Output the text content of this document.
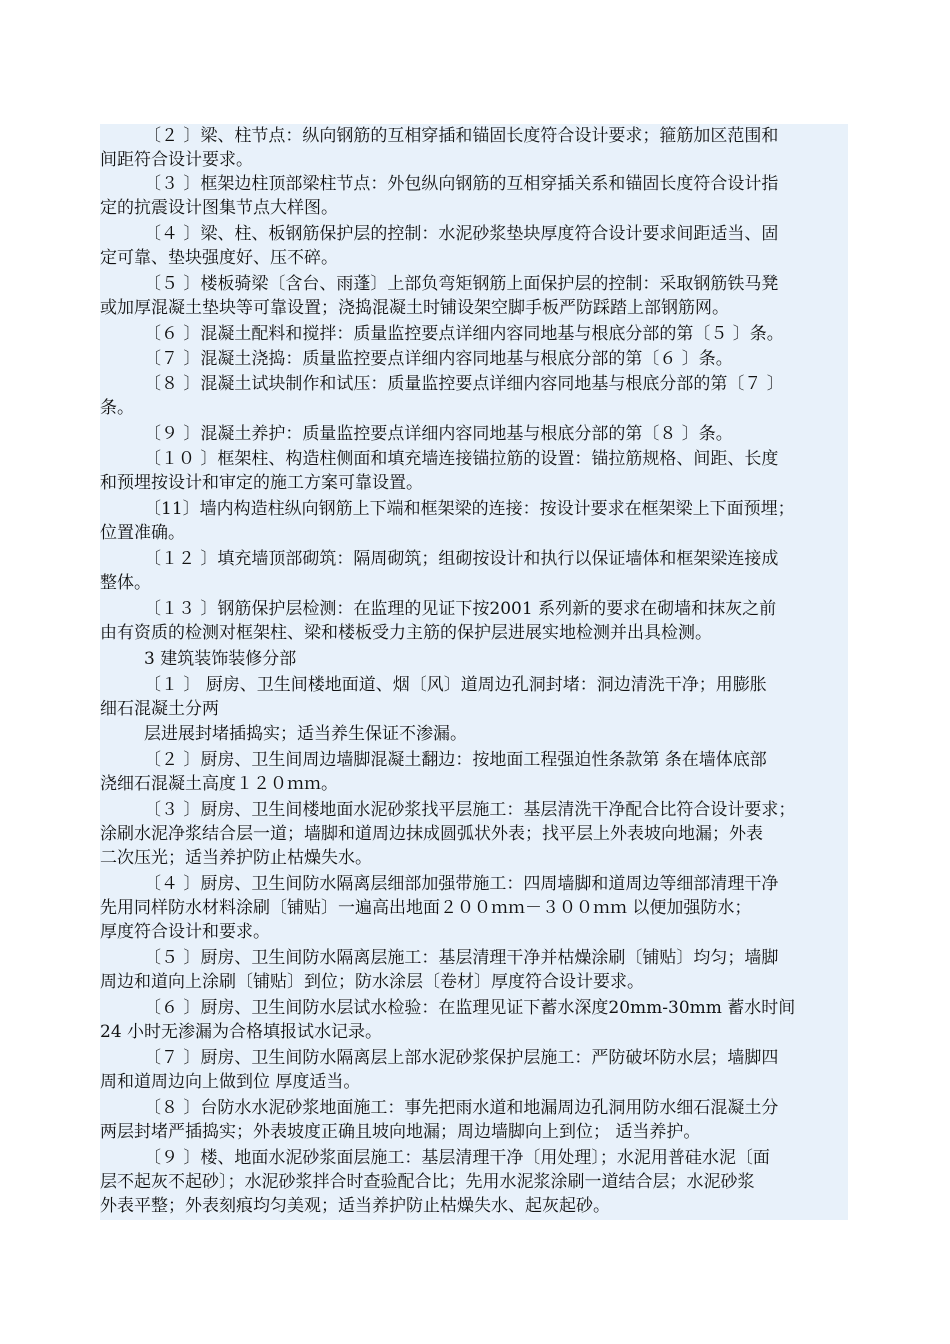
〔２ 〕梁、柱节点：纵向钢筋的互相穿插和锚固长度符合设计要求；箍筋加区范围和
间距符合设计要求。
〔３ 〕框架边柱顶部梁柱节点：外包纵向钢筋的互相穿插关系和锚固长度符合设计指
定的抗震设计图集节点大样图。
〔４ 〕梁、柱、板钢筋保护层的控制：水泥砂浆垫块厚度符合设计要求间距适当、固
定可靠、垫块强度好、压不碎。
〔５ 〕楼板骑梁〔含台、雨蓬〕上部负弯矩钢筋上面保护层的控制：采取钢筋铁马凳
或加厚混凝土垫块等可靠设置；浇捣混凝土时铺设架空脚手板严防踩踏上部钢筋网。
〔６ 〕混凝土配料和搅拌：质量监控要点详细内容同地基与根底分部的第〔５ 〕条。
〔７ 〕混凝土浇捣：质量监控要点详细内容同地基与根底分部的第〔６ 〕条。
〔８ 〕混凝土试块制作和试压：质量监控要点详细内容同地基与根底分部的第〔７ 〕
条。
〔９ 〕混凝土养护：质量监控要点详细内容同地基与根底分部的第〔８ 〕条。
〔１０ 〕框架柱、构造柱侧面和填充墙连接锚拉筋的设置：锚拉筋规格、间距、长度
和预埋按设计和审定的施工方案可靠设置。
〔11〕墙内构造柱纵向钢筋上下端和框架梁的连接：按设计要求在框架梁上下面预埋；
位置准确。
〔１２ 〕填充墙顶部砌筑：隔周砌筑；组砌按设计和执行以保证墙体和框架梁连接成
整体。
〔１３ 〕钢筋保护层检测：在监理的见证下按2001 系列新的要求在砌墙和抹灰之前
由有资质的检测对框架柱、梁和楼板受力主筋的保护层进展实地检测并出具检测。
3 建筑装饰装修分部
〔１ 〕 厨房、卫生间楼地面道、烟〔风〕道周边孔洞封堵：洞边清洗干净；用膨胀
细石混凝土分两
层进展封堵插捣实；适当养生保证不渗漏。
〔２ 〕厨房、卫生间周边墙脚混凝土翻边：按地面工程强迫性条款第 条在墙体底部
浇细石混凝土高度１２０ｍｍ。
〔３ 〕厨房、卫生间楼地面水泥砂浆找平层施工：基层清洗干净配合比符合设计要求；
涂刷水泥净浆结合层一道；墙脚和道周边抹成圆弧状外表；找平层上外表坡向地漏；外表
二次压光；适当养护防止枯燥失水。
〔４ 〕厨房、卫生间防水隔离层细部加强带施工：四周墙脚和道周边等细部清理干净
先用同样防水材料涂刷〔铺贴〕一遍高出地面２００ｍｍ－３００ｍｍ 以便加强防水；
厚度符合设计和要求。
〔５ 〕厨房、卫生间防水隔离层施工：基层清理干净并枯燥涂刷〔铺贴〕均匀；墙脚
周边和道向上涂刷〔铺贴〕到位；防水涂层〔卷材〕厚度符合设计要求。
〔６ 〕厨房、卫生间防水层试水检验：在监理见证下蓄水深度20mm-30mm 蓄水时间
24 小时无渗漏为合格填报试水记录。
〔７ 〕厨房、卫生间防水隔离层上部水泥砂浆保护层施工：严防破坏防水层；墙脚四
周和道周边向上做到位 厚度适当。
〔８ 〕台防水水泥砂浆地面施工：事先把雨水道和地漏周边孔洞用防水细石混凝土分
两层封堵严插捣实；外表坡度正确且坡向地漏；周边墙脚向上到位； 适当养护。
〔９ 〕楼、地面水泥砂浆面层施工：基层清理干净〔用处理〕；水泥用普硅水泥〔面
层不起灰不起砂〕；水泥砂浆拌合时查验配合比；先用水泥浆涂刷一道结合层；水泥砂浆
外表平整；外表刻痕均匀美观；适当养护防止枯燥失水、起灰起砂。
